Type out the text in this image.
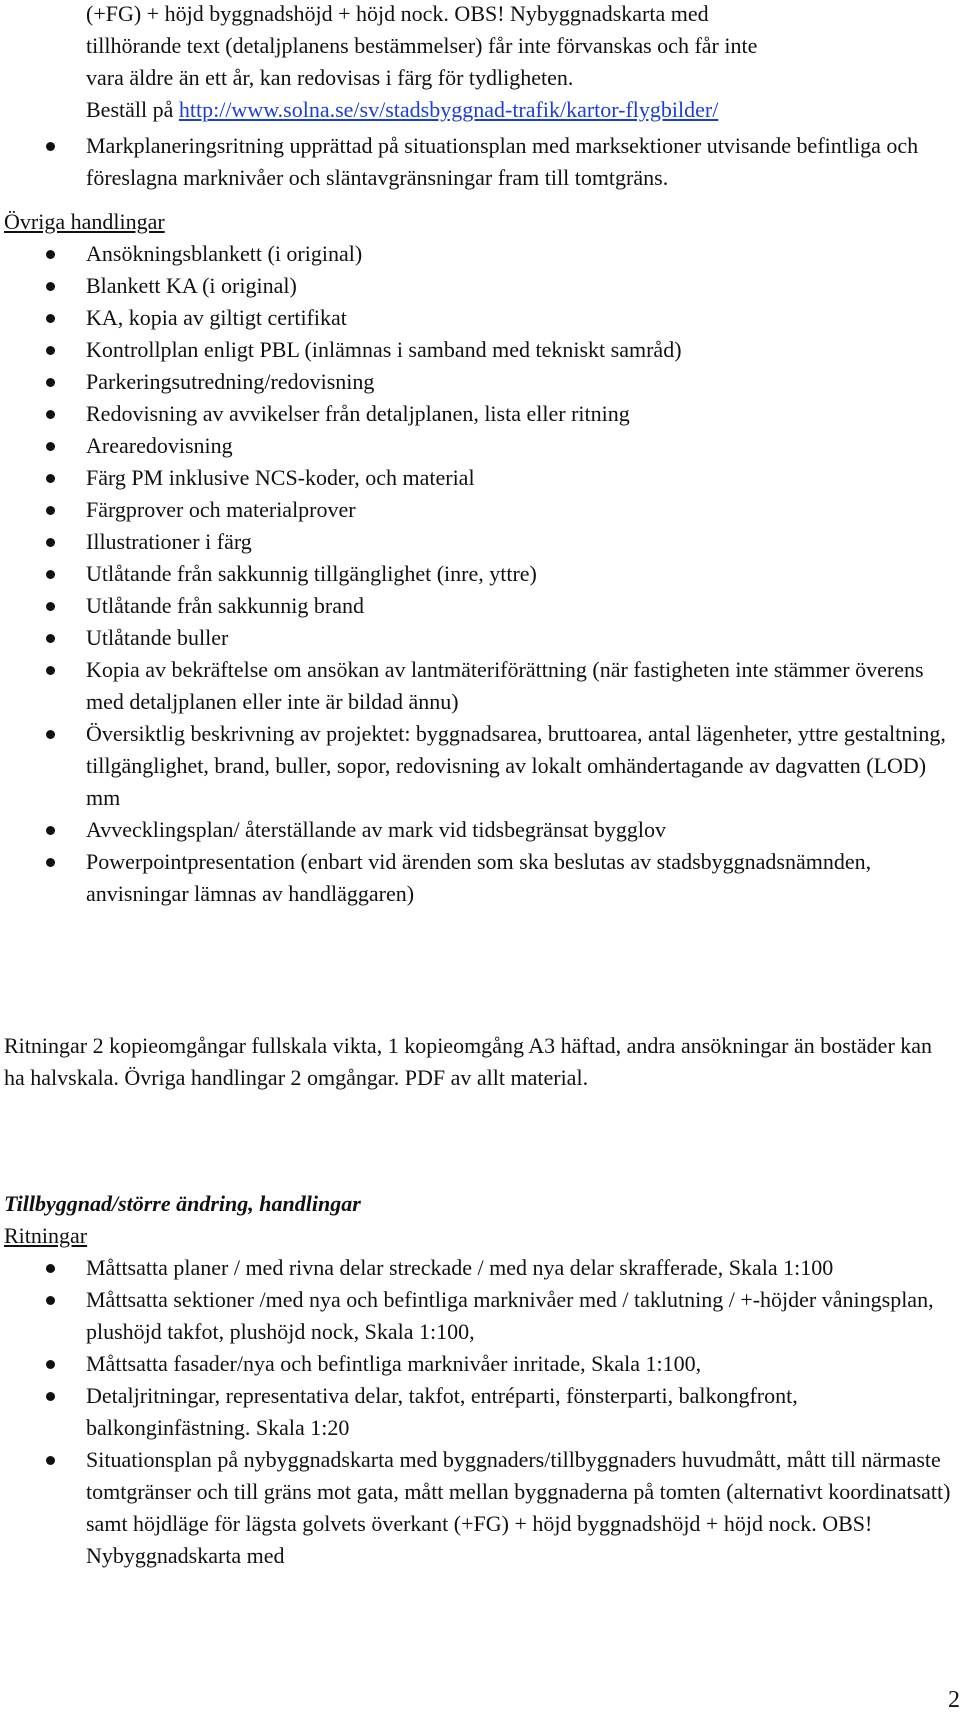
(+FG) + höjd byggnadshöjd + höjd nock. OBS! Nybyggnadskarta med
tillhörande text (detaljplanens bestämmelser) får inte förvanskas och får inte
vara äldre än ett år, kan redovisas i färg för tydligheten.
Beställ på http://www.solna.se/sv/stadsbyggnad-trafik/kartor-flygbilder/
Markplaneringsritning upprättad på situationsplan med marksektioner utvisande befintliga och föreslagna marknivåer och släntavgränsningar fram till tomtgräns.
Övriga handlingar
Ansökningsblankett (i original)
Blankett KA (i original)
KA, kopia av giltigt certifikat
Kontrollplan enligt PBL (inlämnas i samband med tekniskt samråd)
Parkeringsutredning/redovisning
Redovisning av avvikelser från detaljplanen, lista eller ritning
Arearedovisning
Färg PM inklusive NCS-koder, och material
Färgprover och materialprover
Illustrationer i färg
Utlåtande från sakkunnig tillgänglighet (inre, yttre)
Utlåtande från sakkunnig brand
Utlåtande buller
Kopia av bekräftelse om ansökan av lantmäteriförättning (när fastigheten inte stämmer överens med detaljplanen eller inte är bildad ännu)
Översiktlig beskrivning av projektet: byggnadsarea, bruttoarea, antal lägenheter, yttre gestaltning, tillgänglighet, brand, buller, sopor, redovisning av lokalt omhändertagande av dagvatten (LOD) mm
Avvecklingsplan/ återställande av mark vid tidsbegränsat bygglov
Powerpointpresentation (enbart vid ärenden som ska beslutas av stadsbyggnadsnämnden, anvisningar lämnas av handläggaren)
Ritningar 2 kopieomgångar fullskala vikta, 1 kopieomgång A3 häftad, andra ansökningar än bostäder kan ha halvskala. Övriga handlingar 2 omgångar. PDF av allt material.
Tillbyggnad/större ändring, handlingar
Ritningar
Måttsatta planer / med rivna delar streckade / med nya delar skrafferade, Skala 1:100
Måttsatta sektioner /med nya och befintliga marknivåer med / taklutning / +-höjder våningsplan, plushöjd takfot, plushöjd nock, Skala 1:100,
Måttsatta fasader/nya och befintliga marknivåer inritade, Skala 1:100,
Detaljritningar, representativa delar, takfot, entréparti, fönsterparti, balkongfront, balkonginfästning. Skala 1:20
Situationsplan på nybyggnadskarta med byggnaders/tillbyggnaders huvudmått, mått till närmaste tomtgränser och till gräns mot gata, mått mellan byggnaderna på tomten (alternativt koordinatsatt) samt höjdläge för lägsta golvets överkant (+FG) + höjd byggnadshöjd + höjd nock. OBS! Nybyggnadskarta med
2
